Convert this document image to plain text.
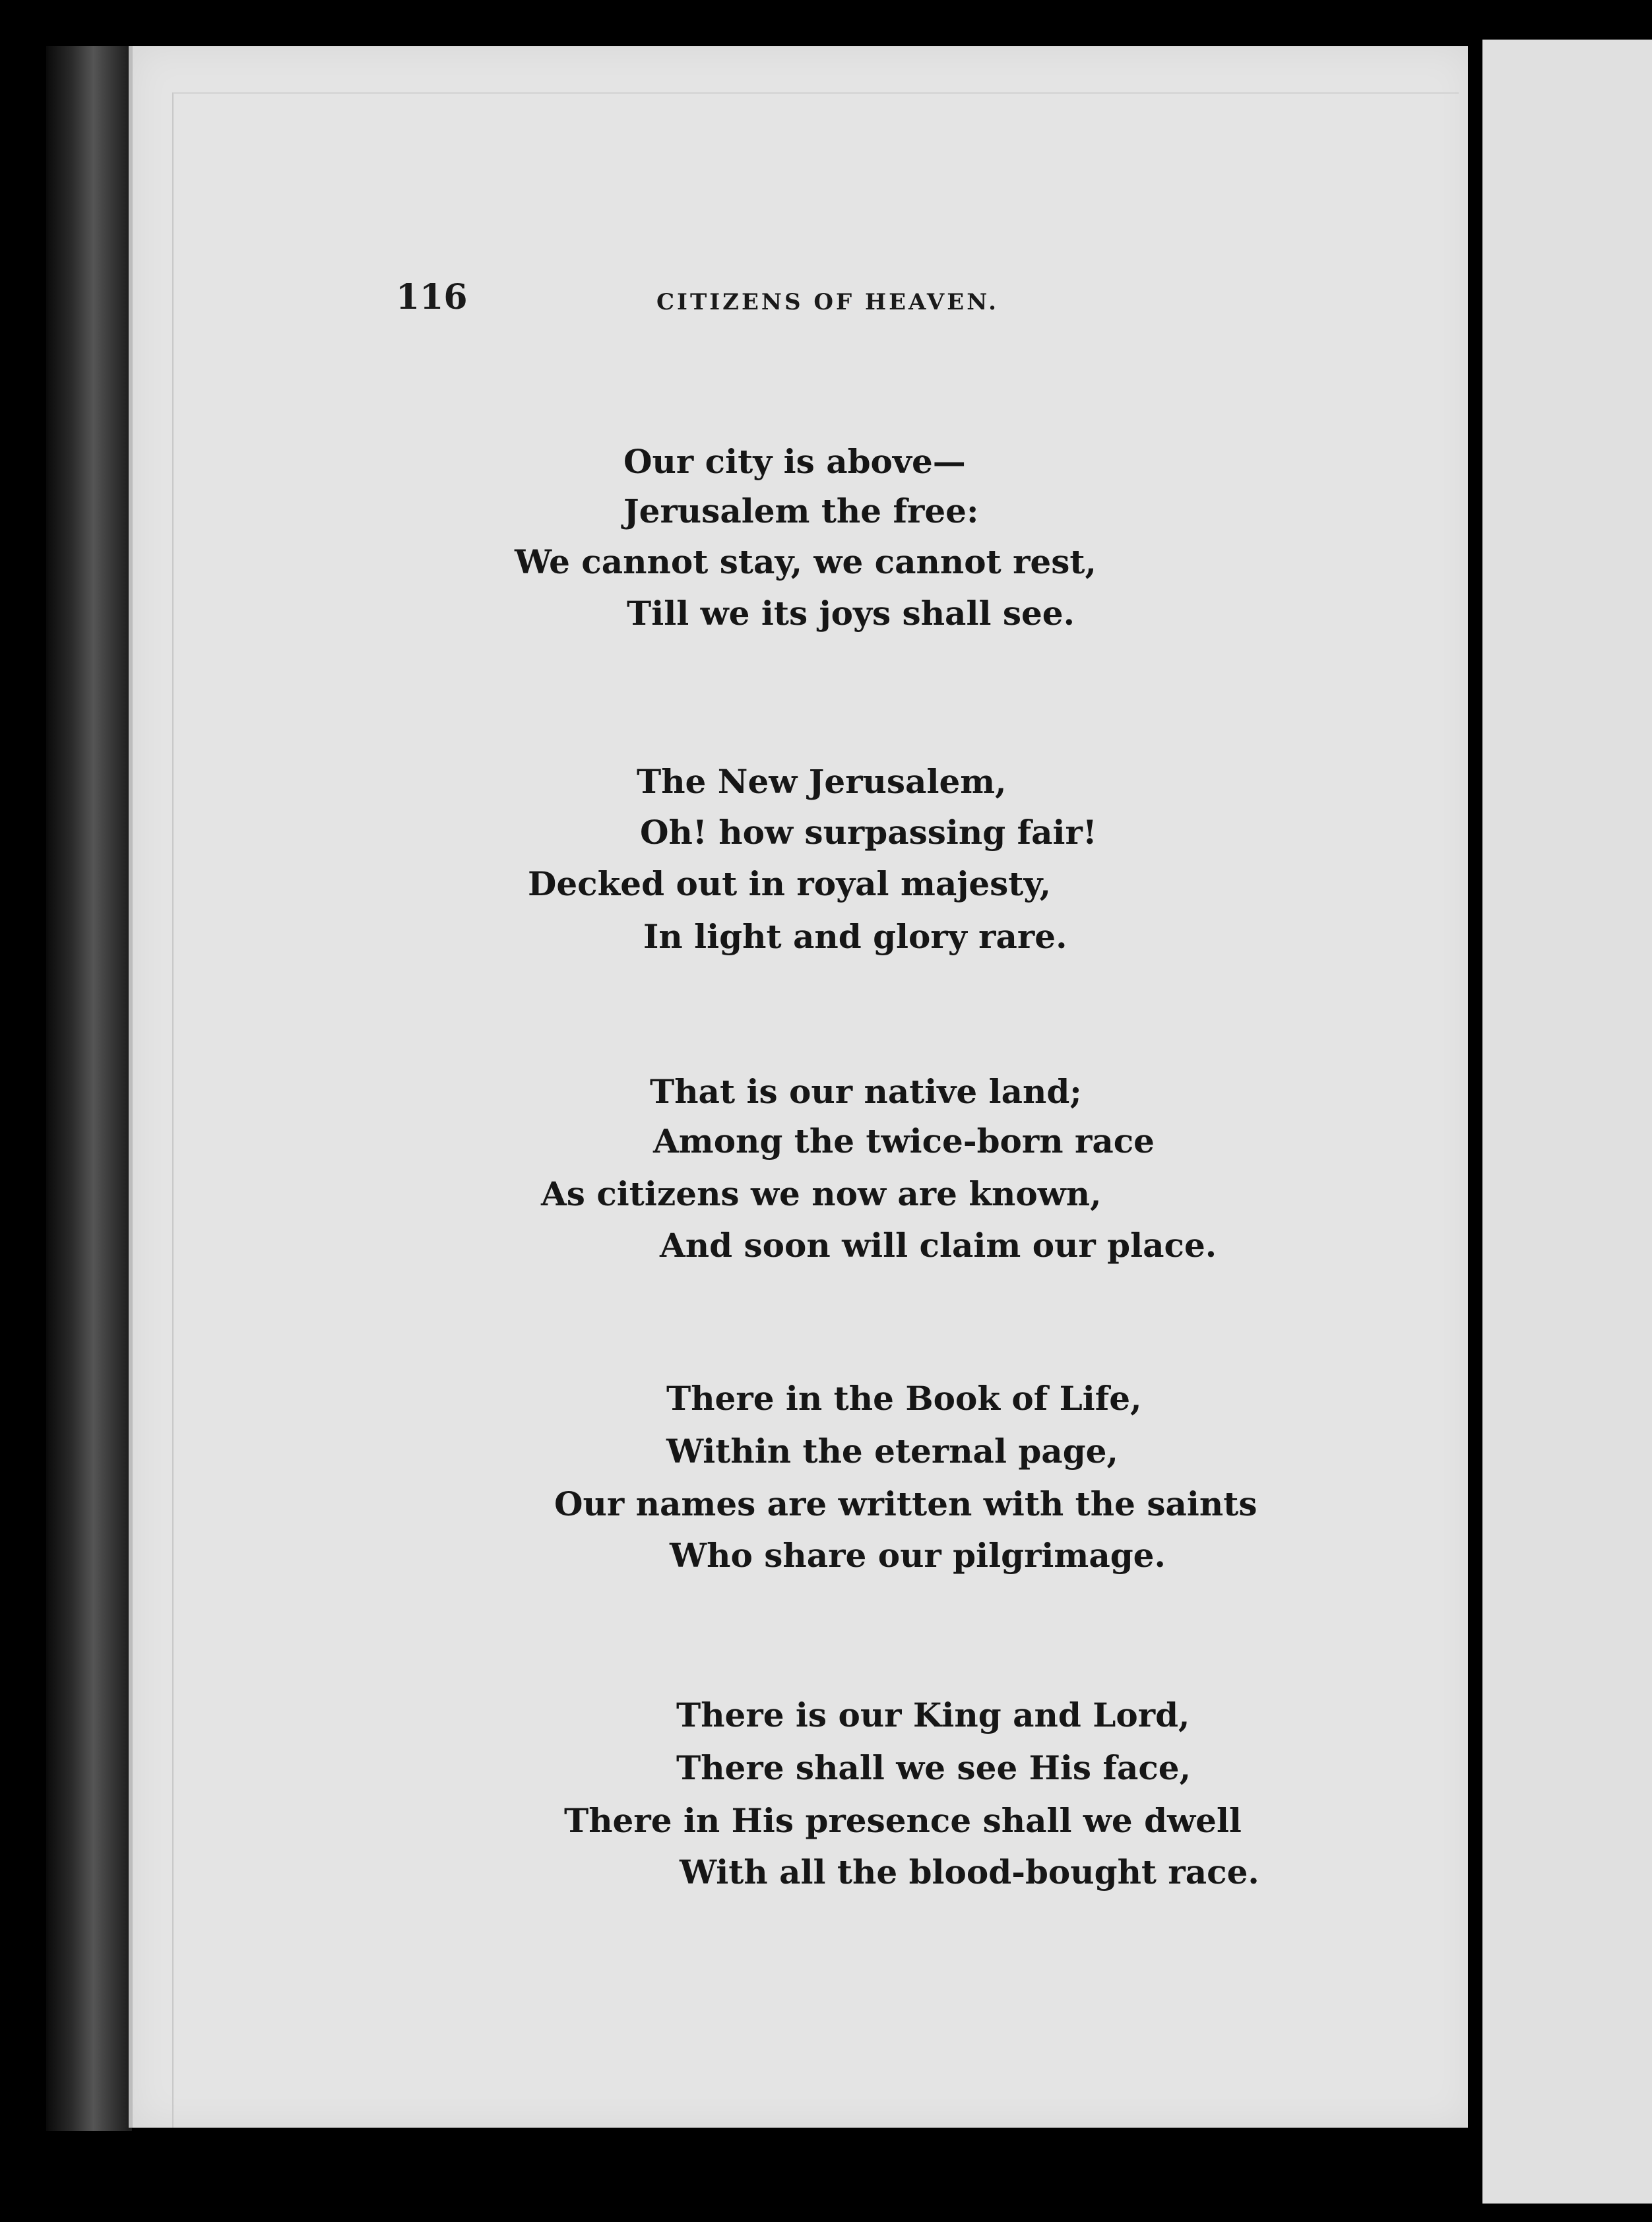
116	CITIZENS OF HEAVEN.
Our city is above—
Jerusalem the free:
We cannot stay, we cannot rest,
Till we its joys shall see.
The New Jerusalem,
Oh! how surpassing fair!
Decked out in royal majesty,
In light and glory rare.
That is our native land;
Among the twice-born race
As citizens we now are known,
And soon will claim our place.
There in the Book of Life,
Within the eternal page,
Our names are written with the saints
Who share our pilgrimage.
There is our King and Lord,
There shall we see His face,
There in His presence shall we dwell
With all the blood-bought race.
